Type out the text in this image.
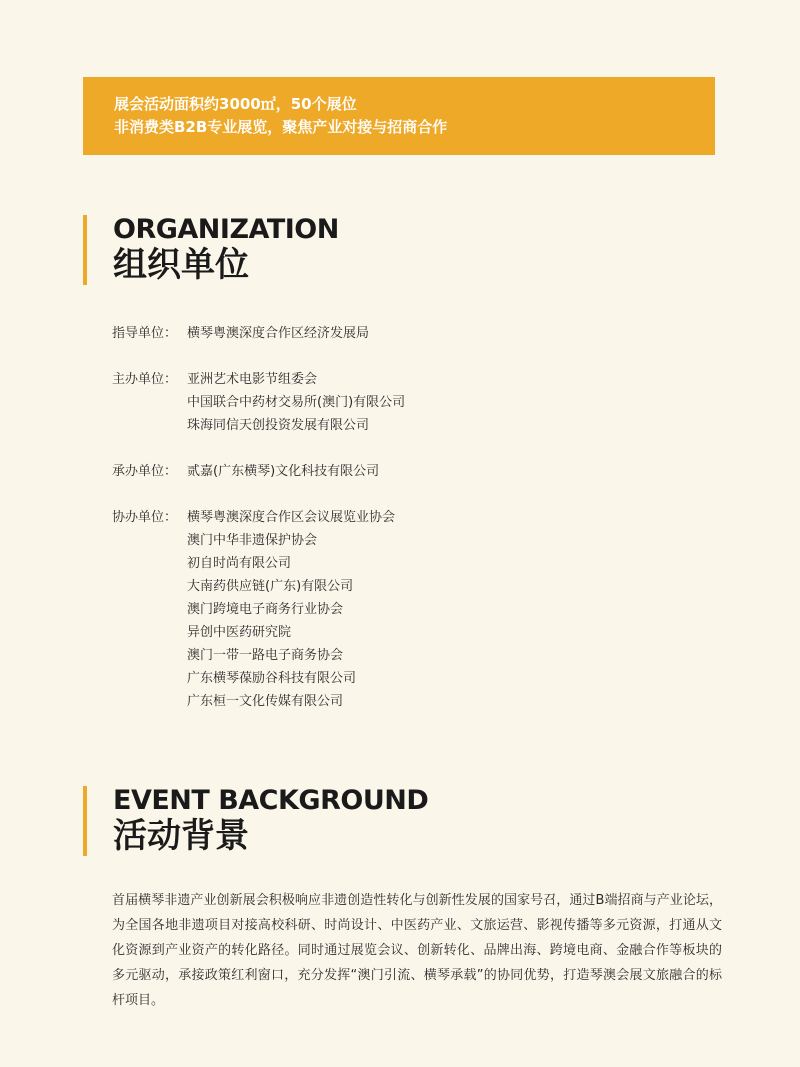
展会活动面积约3000㎡，50个展位
非消费类B2B专业展览，聚焦产业对接与招商合作
ORGANIZATION
组织单位
指导单位： 横琴粤澳深度合作区经济发展局
主办单位： 亚洲艺术电影节组委会
中国联合中药材交易所(澳门)有限公司
珠海同信天创投资发展有限公司
承办单位： 贰嘉(广东横琴)文化科技有限公司
协办单位： 横琴粤澳深度合作区会议展览业协会
澳门中华非遗保护协会
初自时尚有限公司
大南药供应链(广东)有限公司
澳门跨境电子商务行业协会
异创中医药研究院
澳门一带一路电子商务协会
广东横琴葆励谷科技有限公司
广东桓一文化传媒有限公司
EVENT BACKGROUND
活动背景
首届横琴非遗产业创新展会积极响应非遗创造性转化与创新性发展的国家号召，通过B端招商与产业论坛，为全国各地非遗项目对接高校科研、时尚设计、中医药产业、文旅运营、影视传播等多元资源，打通从文化资源到产业资产的转化路径。同时通过展览会议、创新转化、品牌出海、跨境电商、金融合作等板块的多元驱动，承接政策红利窗口，充分发挥“澳门引流、横琴承载”的协同优势，打造琴澳会展文旅融合的标杆项目。
